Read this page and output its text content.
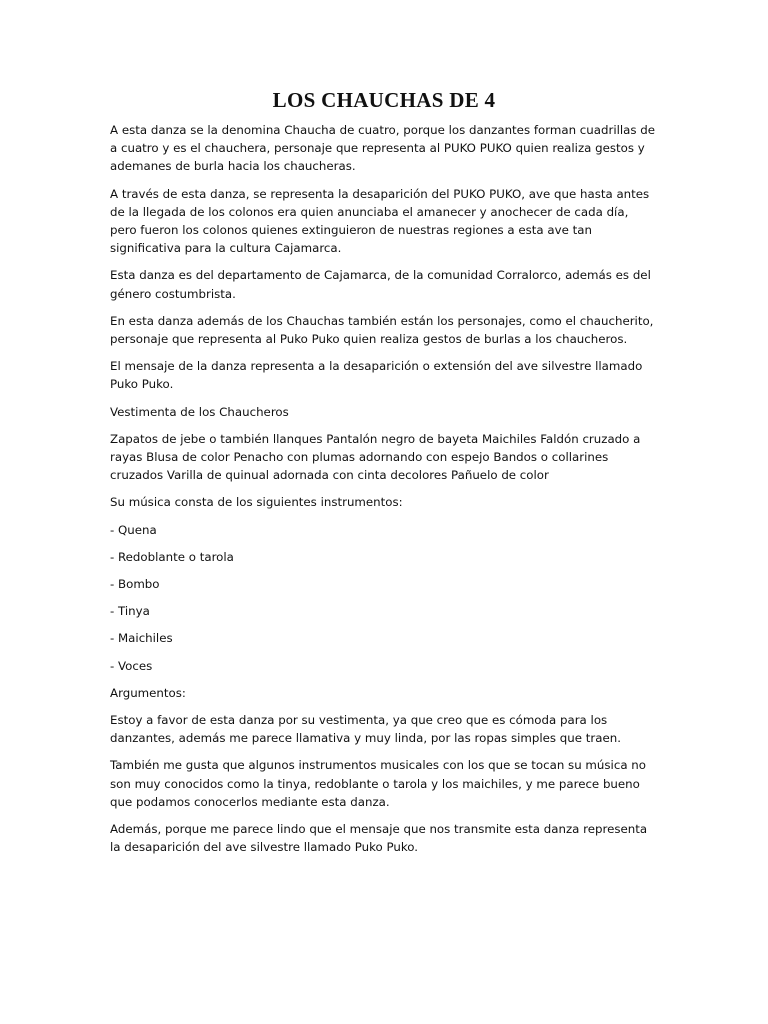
LOS CHAUCHAS DE 4

A esta danza se la denomina Chaucha de cuatro, porque los danzantes forman cuadrillas de a cuatro y es el chauchera, personaje que representa al PUKO PUKO quien realiza gestos y ademanes de burla hacia los chaucheras.

A través de esta danza, se representa la desaparición del PUKO PUKO, ave que hasta antes de la llegada de los colonos era quien anunciaba el amanecer y anochecer de cada día, pero fueron los colonos quienes extinguieron de nuestras regiones a esta ave tan significativa para la cultura Cajamarca.

Esta danza es del departamento de Cajamarca, de la comunidad Corralorco, además es del género costumbrista.

En esta danza además de los Chauchas también están los personajes, como el chaucherito, personaje que representa al Puko Puko quien realiza gestos de burlas a los chaucheros.

El mensaje de la danza representa a la desaparición o extensión del ave silvestre llamado Puko Puko.

Vestimenta de los Chaucheros

Zapatos de jebe o también llanques Pantalón negro de bayeta Maichiles Faldón cruzado a rayas Blusa de color Penacho con plumas adornando con espejo Bandos o collarines cruzados Varilla de quinual adornada con cinta decolores Pañuelo de color

Su música consta de los siguientes instrumentos:

- Quena

- Redoblante o tarola

- Bombo

- Tinya

- Maichiles

- Voces

Argumentos:

Estoy a favor de esta danza por su vestimenta, ya que creo que es cómoda para los danzantes, además me parece llamativa y muy linda, por las ropas simples que traen.

También me gusta que algunos instrumentos musicales con los que se tocan su música no son muy conocidos como la tinya, redoblante o tarola y los maichiles, y me parece bueno que podamos conocerlos mediante esta danza.

Además, porque me parece lindo que el mensaje que nos transmite esta danza representa la desaparición del ave silvestre llamado Puko Puko.
